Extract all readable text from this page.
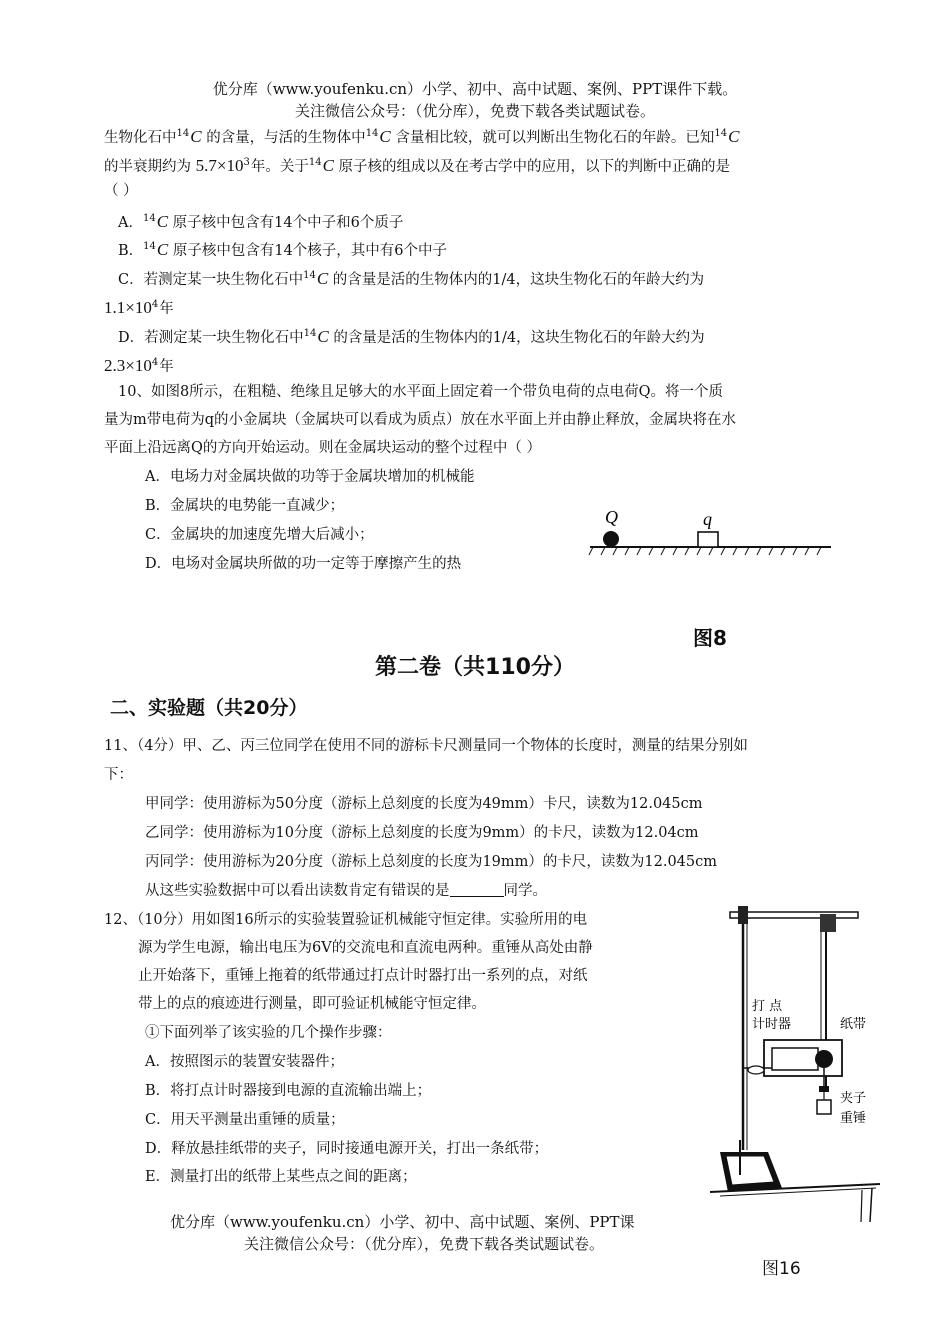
优分库（www.youfenku.cn）小学、初中、高中试题、案例、PPT课件下载。
关注微信公众号：（优分库），免费下载各类试题试卷。
生物化石中$^{14}$C 的含量，与活的生物体中$^{14}$C 含量相比较，就可以判断出生物化石的年龄。已知$^{14}$C
的半衰期约为 $5.7\times 10^3$年。关于$^{14}$C 原子核的组成以及在考古学中的应用，以下的判断中正确的是
（ ）
A．$^{14}$C 原子核中包含有14个中子和6个质子
B．$^{14}$C 原子核中包含有14个核子，其中有6个中子
C．若测定某一块生物化石中$^{14}$C 的含量是活的生物体内的1/4，这块生物化石的年龄大约为
$1.1\times 10^4$年
D．若测定某一块生物化石中$^{14}$C 的含量是活的生物体内的1/4，这块生物化石的年龄大约为
$2.3\times 10^4$年
10、如图8所示，在粗糙、绝缘且足够大的水平面上固定着一个带负电荷的点电荷Q。将一个质
量为m带电荷为q的小金属块（金属块可以看成为质点）放在水平面上并由静止释放，金属块将在水
平面上沿远离Q的方向开始运动。则在金属块运动的整个过程中（ ）
A．电场力对金属块做的功等于金属块增加的机械能
B．金属块的电势能一直减少；
C．金属块的加速度先增大后减小；
D．电场对金属块所做的功一定等于摩擦产生的热
Q	q
图8
第二卷（共110分）
二、实验题（共20分）
11、（4分）甲、乙、丙三位同学在使用不同的游标卡尺测量同一个物体的长度时，测量的结果分别如
下：
甲同学：使用游标为50分度（游标上总刻度的长度为49mm）卡尺，读数为12.045cm
乙同学：使用游标为10分度（游标上总刻度的长度为9mm）的卡尺，读数为12.04cm
丙同学：使用游标为20分度（游标上总刻度的长度为19mm）的卡尺，读数为12.045cm
从这些实验数据中可以看出读数肯定有错误的是	同学。
12、（10分）用如图16所示的实验装置验证机械能守恒定律。实验所用的电
源为学生电源，输出电压为6V的交流电和直流电两种。重锤从高处由静
止开始落下，重锤上拖着的纸带通过打点计时器打出一系列的点，对纸
带上的点的痕迹进行测量，即可验证机械能守恒定律。
①下面列举了该实验的几个操作步骤：
A．按照图示的装置安装器件；
B．将打点计时器接到电源的直流输出端上；
C．用天平测量出重锤的质量；
D．释放悬挂纸带的夹子，同时接通电源开关，打出一条纸带；
E．测量打出的纸带上某些点之间的距离；
打 点
计时器	纸带
夹子
重锤
图16
优分库（www.youfenku.cn）小学、初中、高中试题、案例、PPT课
关注微信公众号：（优分库），免费下载各类试题试卷。
